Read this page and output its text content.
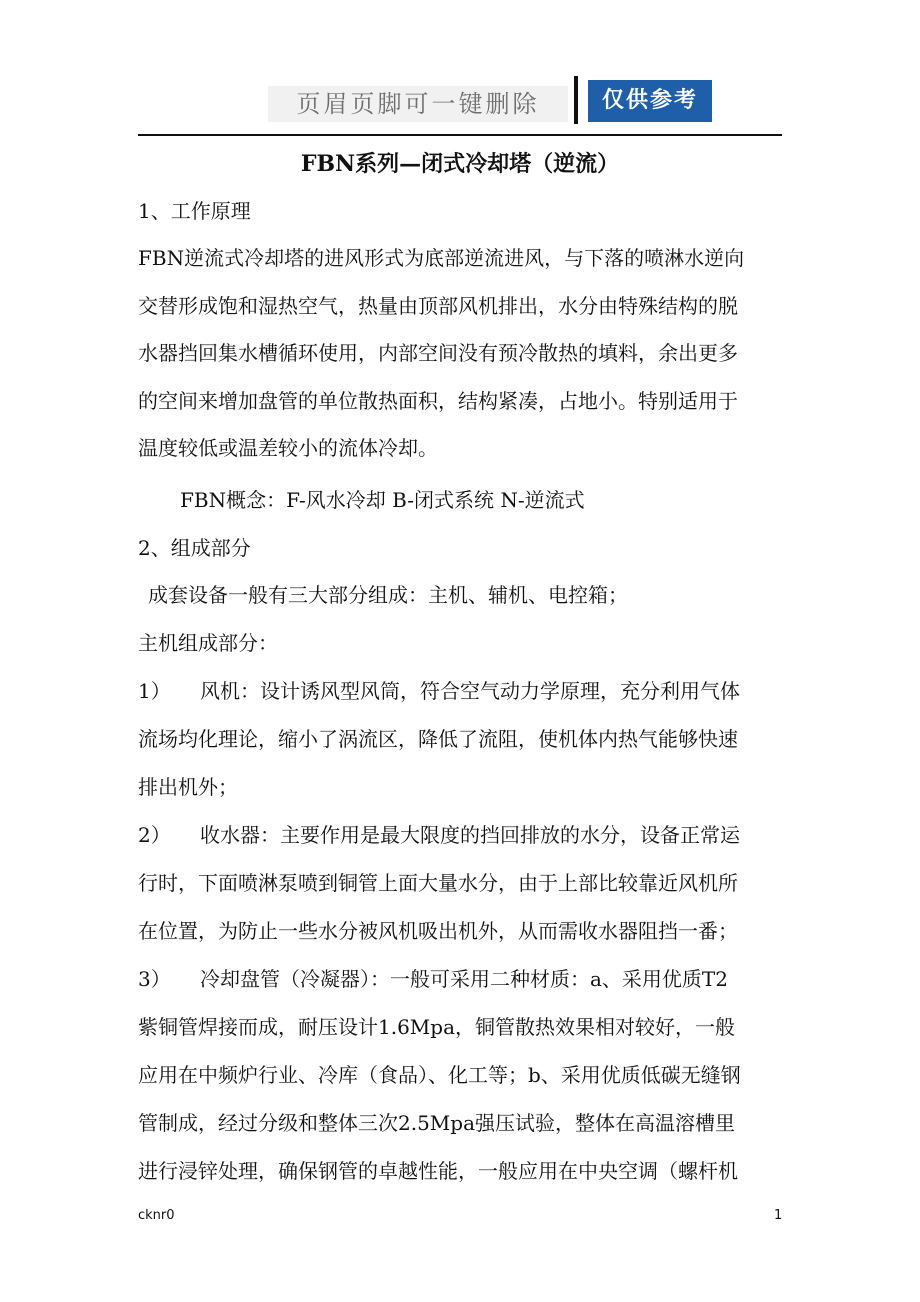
页眉页脚可一键删除	仅供参考
FBN系列—闭式冷却塔（逆流）
1、工作原理
FBN逆流式冷却塔的进风形式为底部逆流进风，与下落的喷淋水逆向
交替形成饱和湿热空气，热量由顶部风机排出，水分由特殊结构的脱
水器挡回集水槽循环使用，内部空间没有预冷散热的填料，余出更多
的空间来增加盘管的单位散热面积，结构紧凑，占地小。特别适用于
温度较低或温差较小的流体冷却。
FBN概念：F-风水冷却 B-闭式系统 N-逆流式
2、组成部分
成套设备一般有三大部分组成：主机、辅机、电控箱；
主机组成部分：
1） 风机：设计诱风型风筒，符合空气动力学原理，充分利用气体
流场均化理论，缩小了涡流区，降低了流阻，使机体内热气能够快速
排出机外；
2） 收水器：主要作用是最大限度的挡回排放的水分，设备正常运
行时，下面喷淋泵喷到铜管上面大量水分，由于上部比较靠近风机所
在位置，为防止一些水分被风机吸出机外，从而需收水器阻挡一番；
3） 冷却盘管（冷凝器）：一般可采用二种材质：a、采用优质T2
紫铜管焊接而成，耐压设计1.6Mpa，铜管散热效果相对较好，一般
应用在中频炉行业、冷库（食品）、化工等；b、采用优质低碳无缝钢
管制成，经过分级和整体三次2.5Mpa强压试验，整体在高温溶槽里
进行浸锌处理，确保钢管的卓越性能，一般应用在中央空调（螺杆机
cknr0	1
